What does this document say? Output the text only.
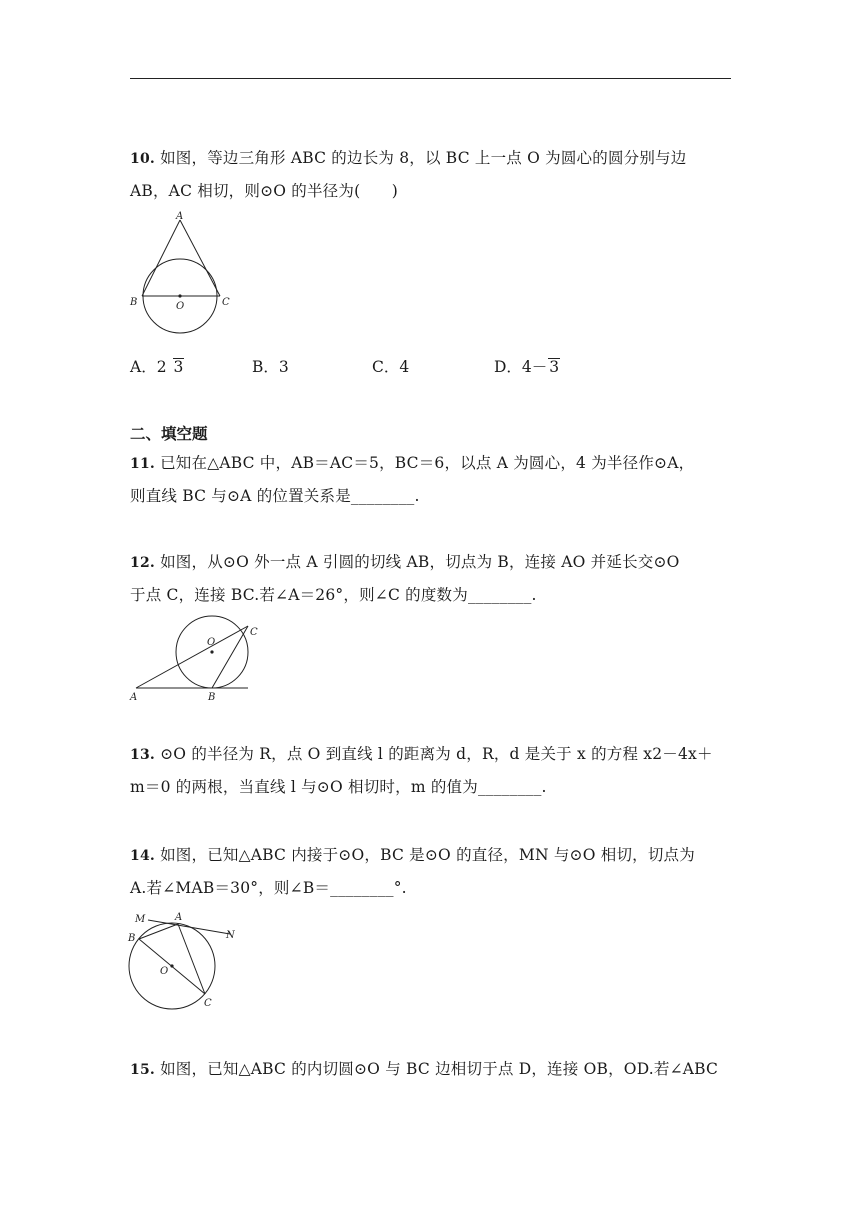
10. 如图，等边三角形 ABC 的边长为 8，以 BC 上一点 O 为圆心的圆分别与边
AB，AC 相切，则⊙O 的半径为(　　)
A
B	C
O
A．2 3	B．3	C．4	D．4－ 3
二、填空题
11. 已知在△ABC 中，AB＝AC＝5，BC＝6，以点 A 为圆心，4 为半径作⊙A，
则直线 BC 与⊙A 的位置关系是________.
12. 如图，从⊙O 外一点 A 引圆的切线 AB，切点为 B，连接 AO 并延长交⊙O
于点 C，连接 BC.若∠A＝26°，则∠C 的度数为________.
O
C
A	B
13. ⊙O 的半径为 R，点 O 到直线 l 的距离为 d，R，d 是关于 x 的方程 x2－4x＋
m＝0 的两根，当直线 l 与⊙O 相切时，m 的值为________.
14. 如图，已知△ABC 内接于⊙O，BC 是⊙O 的直径，MN 与⊙O 相切，切点为
A.若∠MAB＝30°，则∠B＝________°.
M	A
N
B
O
C
15. 如图，已知△ABC 的内切圆⊙O 与 BC 边相切于点 D，连接 OB，OD.若∠ABC
